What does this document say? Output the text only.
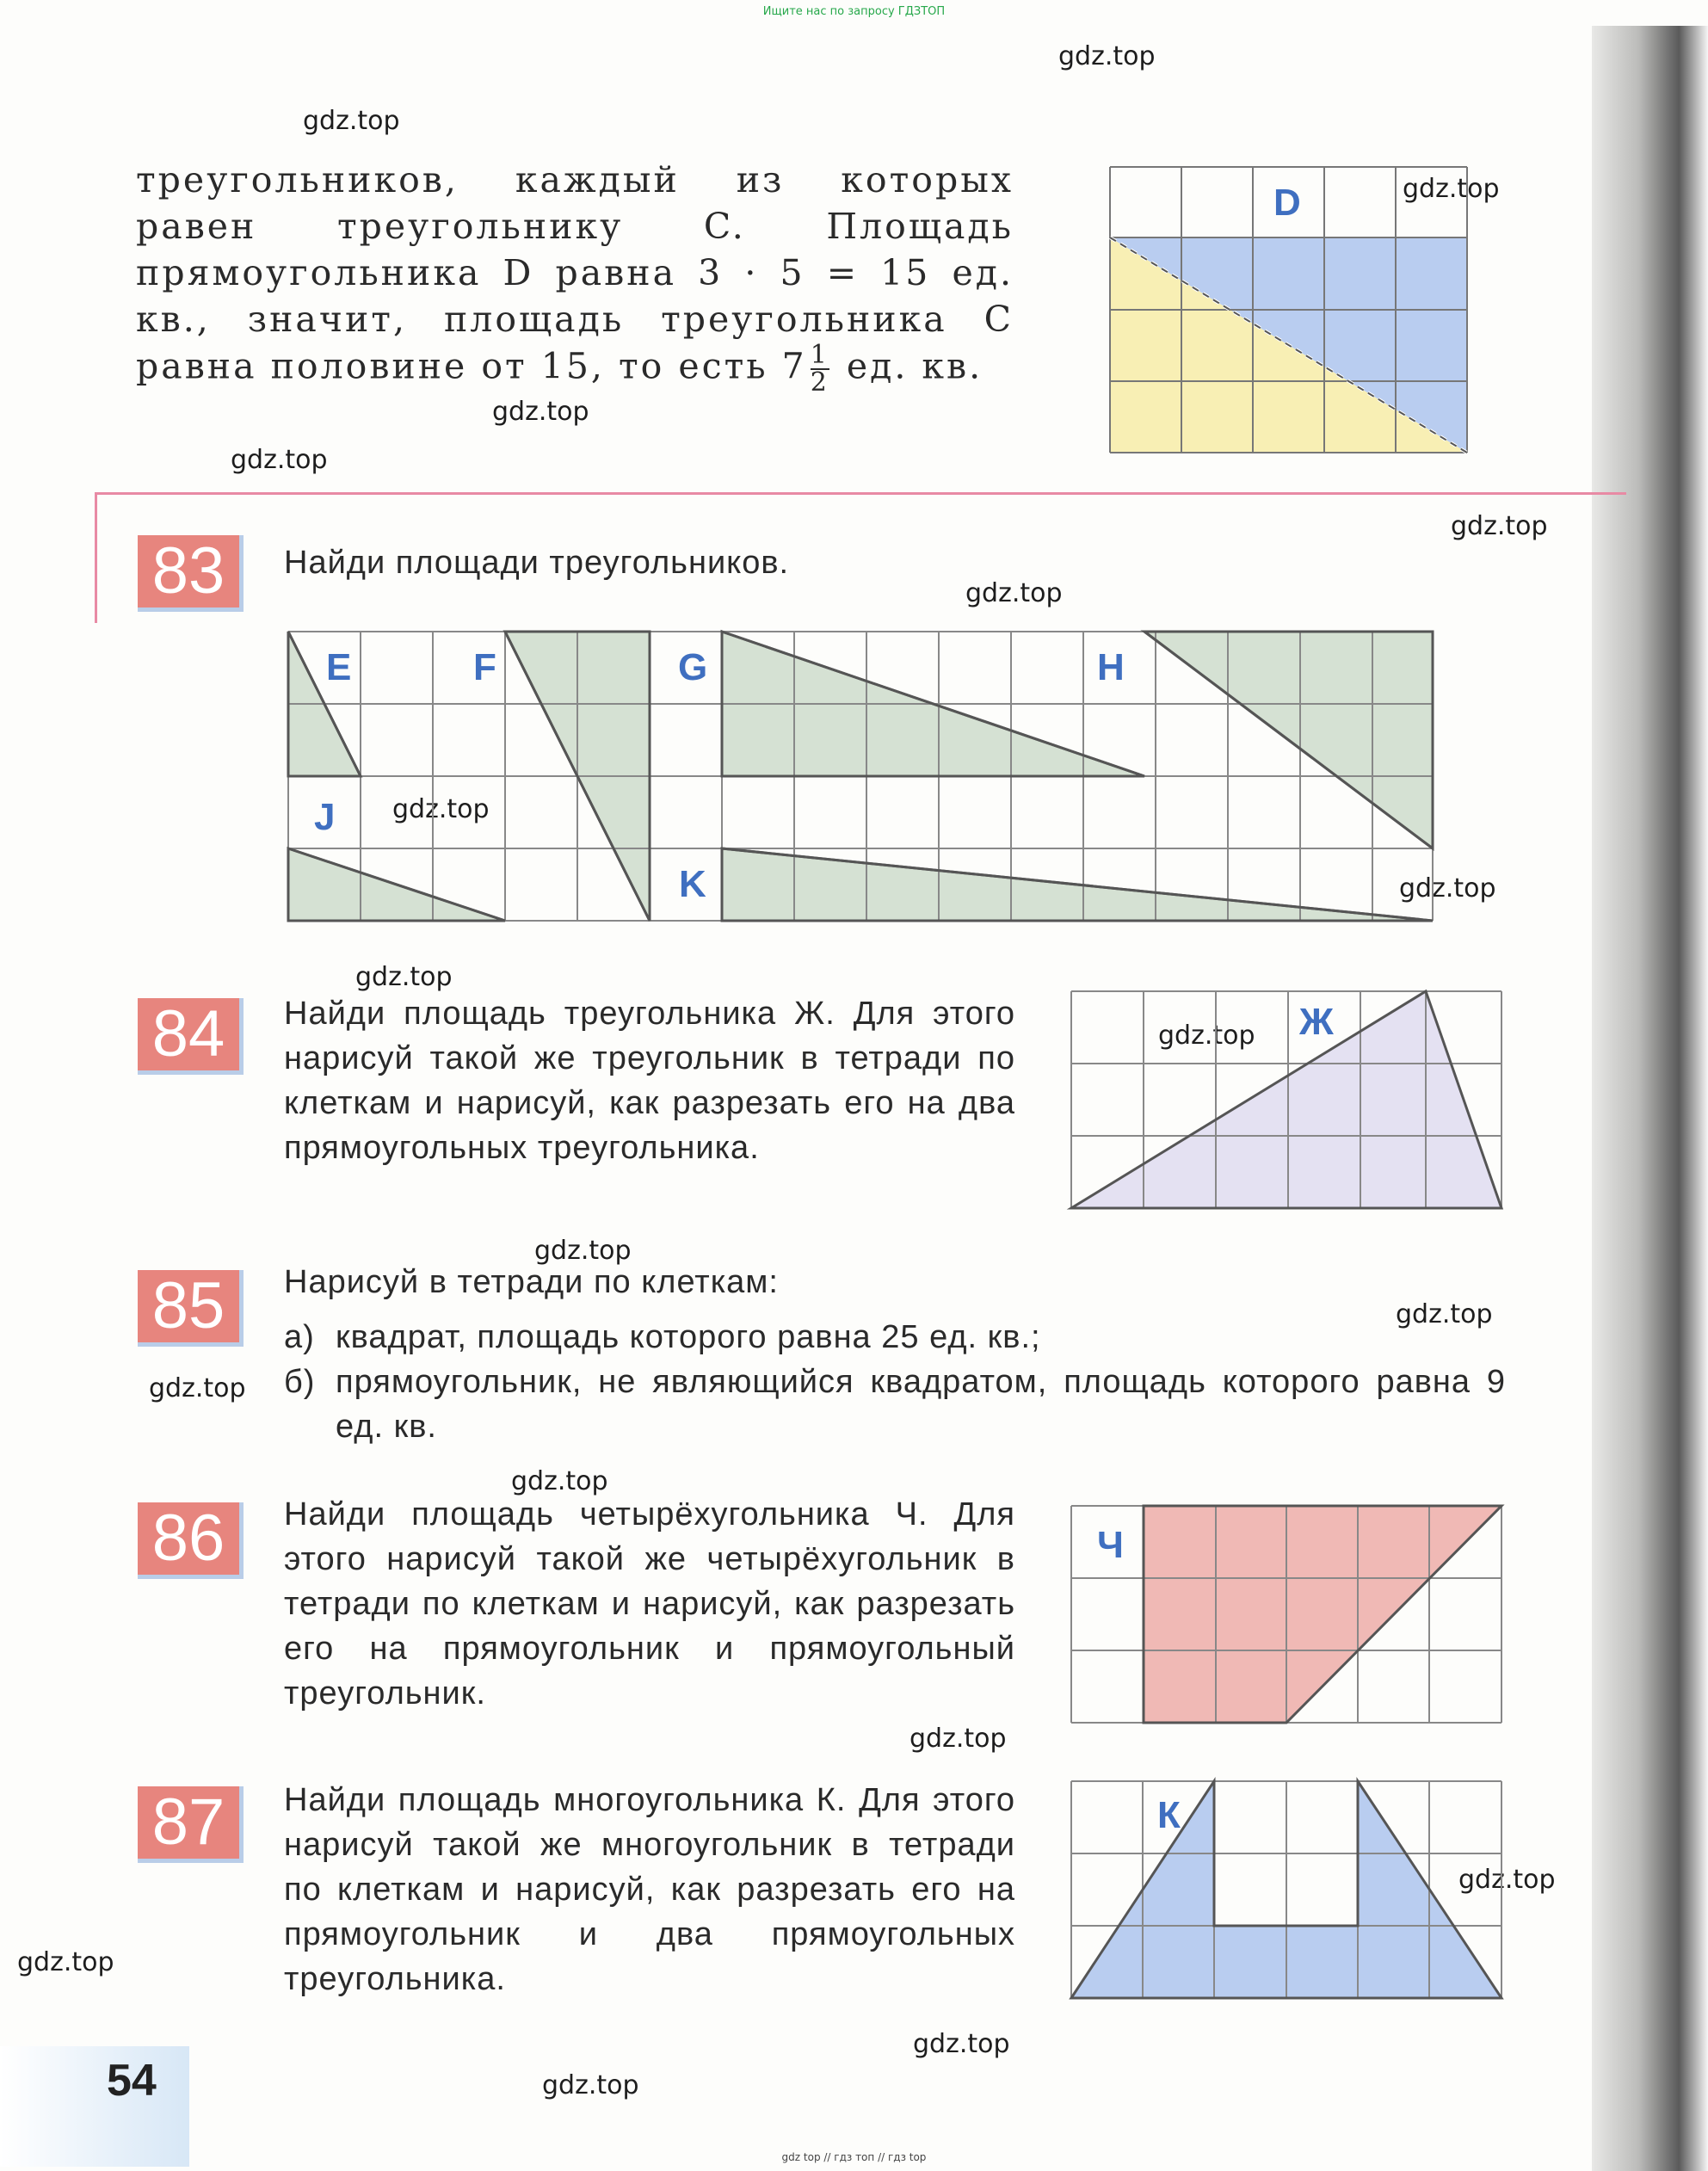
Ищите нас по запросу ГДЗТОП
gdz.top
gdz.top
gdz.top
gdz.top
gdz.top
gdz.top
gdz.top
gdz.top
gdz.top
gdz.top
gdz.top
gdz.top
gdz.top
gdz.top
gdz.top
gdz.top
gdz.top
gdz.top
gdz.top
gdz.top
треугольников, каждый из которых равен треугольнику C. Площадь прямоугольника D равна 3 · 5 = 15 ед. кв., значит, площадь треугольника C равна половине от 15, то есть $7 \frac{1}{2}$ ед. кв.
D
83	Найди площади треугольников.
E	F	G	H
J
K
84	Найди площадь треугольника Ж. Для этого нарисуй такой же треугольник в тетради по клеткам и нарисуй, как разрезать его на два прямоугольных треугольника.
Ж
85	Нарисуй в тетради по клеткам:
а) квадрат, площадь которого равна 25 ед. кв.;
б) прямоугольник, не являющийся квадратом, площадь которого равна 9 ед. кв.
86	Найди площадь четырёхугольника Ч. Для этого нарисуй такой же четырёхугольник в тетради по клеткам и нарисуй, как разрезать его на прямоугольник и прямоугольный треугольник.
Ч
87	Найди площадь многоугольника К. Для этого нарисуй такой же многоугольник в тетради по клеткам и нарисуй, как разрезать его на прямоугольник и два прямоугольных треугольника.
К
54
gdz top // гдз топ // гдз top
